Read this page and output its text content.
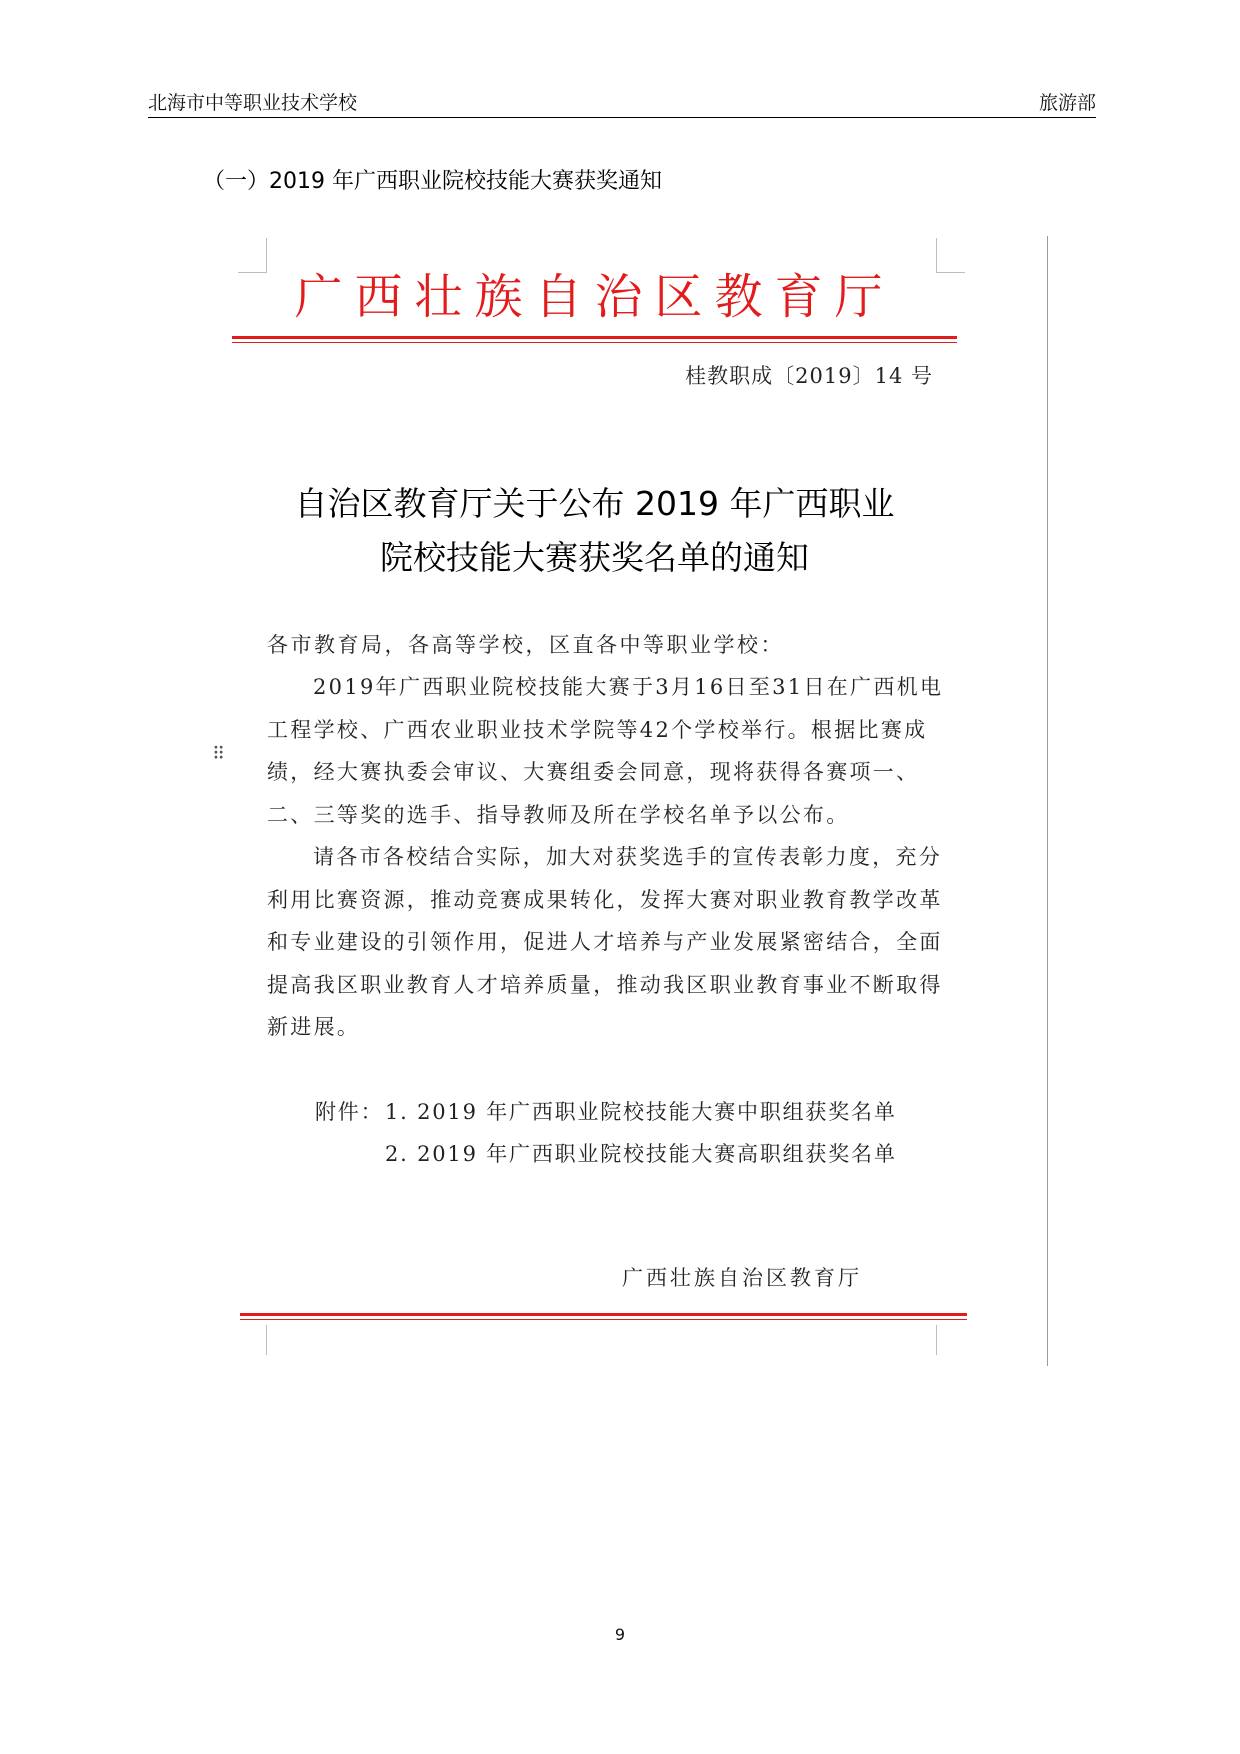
北海市中等职业技术学校	旅游部
（一）2019 年广西职业院校技能大赛获奖通知
广西壮族自治区教育厅
桂教职成〔2019〕14 号
自治区教育厅关于公布 2019 年广西职业
院校技能大赛获奖名单的通知
各市教育局，各高等学校，区直各中等职业学校：
2019年广西职业院校技能大赛于3月16日至31日在广西机电工程学校、广西农业职业技术学院等42个学校举行。根据比赛成绩，经大赛执委会审议、大赛组委会同意，现将获得各赛项一、二、三等奖的选手、指导教师及所在学校名单予以公布。
⠿
请各市各校结合实际，加大对获奖选手的宣传表彰力度，充分利用比赛资源，推动竞赛成果转化，发挥大赛对职业教育教学改革和专业建设的引领作用，促进人才培养与产业发展紧密结合，全面提高我区职业教育人才培养质量，推动我区职业教育事业不断取得新进展。
附件： 1. 2019 年广西职业院校技能大赛中职组获奖名单
2. 2019 年广西职业院校技能大赛高职组获奖名单
广西壮族自治区教育厅
9
